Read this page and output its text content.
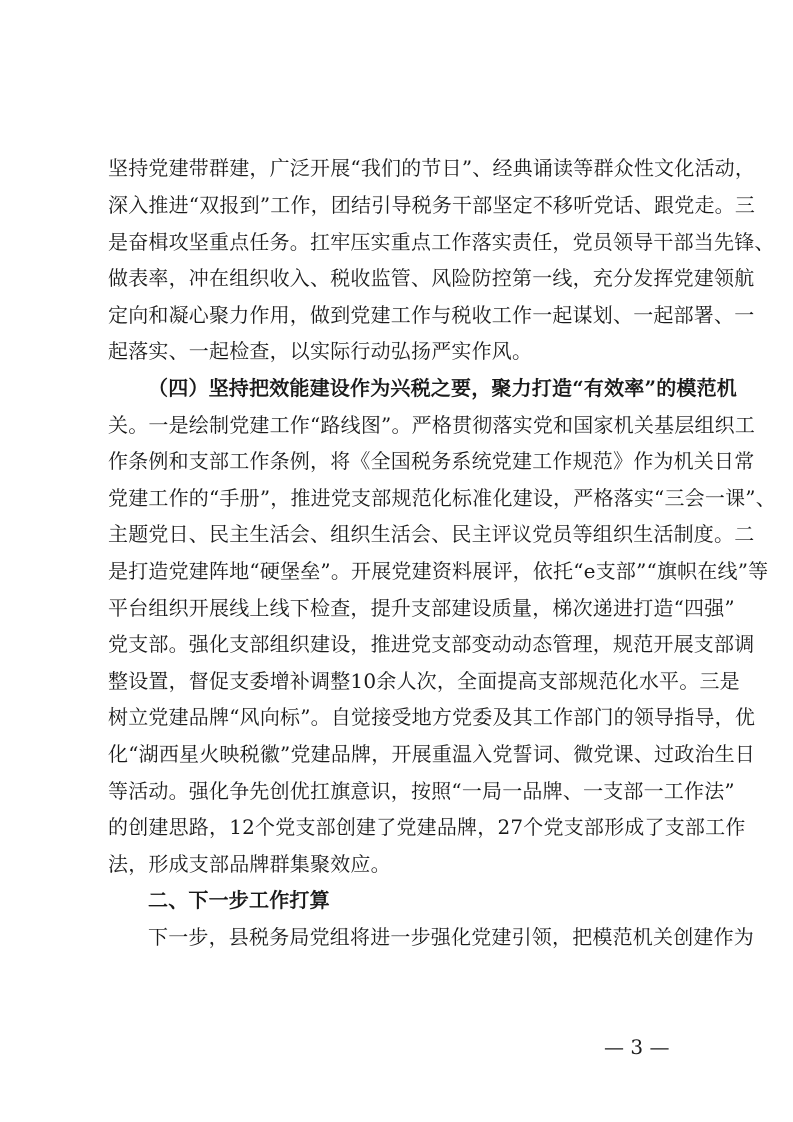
坚持党建带群建，广泛开展“我们的节日”、经典诵读等群众性文化活动，
深入推进“双报到”工作，团结引导税务干部坚定不移听党话、跟党走。三
是奋楫攻坚重点任务。扛牢压实重点工作落实责任，党员领导干部当先锋、
做表率，冲在组织收入、税收监管、风险防控第一线，充分发挥党建领航
定向和凝心聚力作用，做到党建工作与税收工作一起谋划、一起部署、一
起落实、一起检查，以实际行动弘扬严实作风。
（四）坚持把效能建设作为兴税之要，聚力打造“有效率”的模范机
关。一是绘制党建工作“路线图”。严格贯彻落实党和国家机关基层组织工
作条例和支部工作条例，将《全国税务系统党建工作规范》作为机关日常
党建工作的“手册”，推进党支部规范化标准化建设，严格落实“三会一课”、
主题党日、民主生活会、组织生活会、民主评议党员等组织生活制度。二
是打造党建阵地“硬堡垒”。开展党建资料展评，依托“e支部”“旗帜在线”等
平台组织开展线上线下检查，提升支部建设质量，梯次递进打造“四强”
党支部。强化支部组织建设，推进党支部变动动态管理，规范开展支部调
整设置，督促支委增补调整10余人次，全面提高支部规范化水平。三是
树立党建品牌“风向标”。自觉接受地方党委及其工作部门的领导指导，优
化“湖西星火映税徽”党建品牌，开展重温入党誓词、微党课、过政治生日
等活动。强化争先创优扛旗意识，按照“一局一品牌、一支部一工作法”
的创建思路，12个党支部创建了党建品牌，27个党支部形成了支部工作
法，形成支部品牌群集聚效应。
二、下一步工作打算
下一步，县税务局党组将进一步强化党建引领，把模范机关创建作为
— 3 —
